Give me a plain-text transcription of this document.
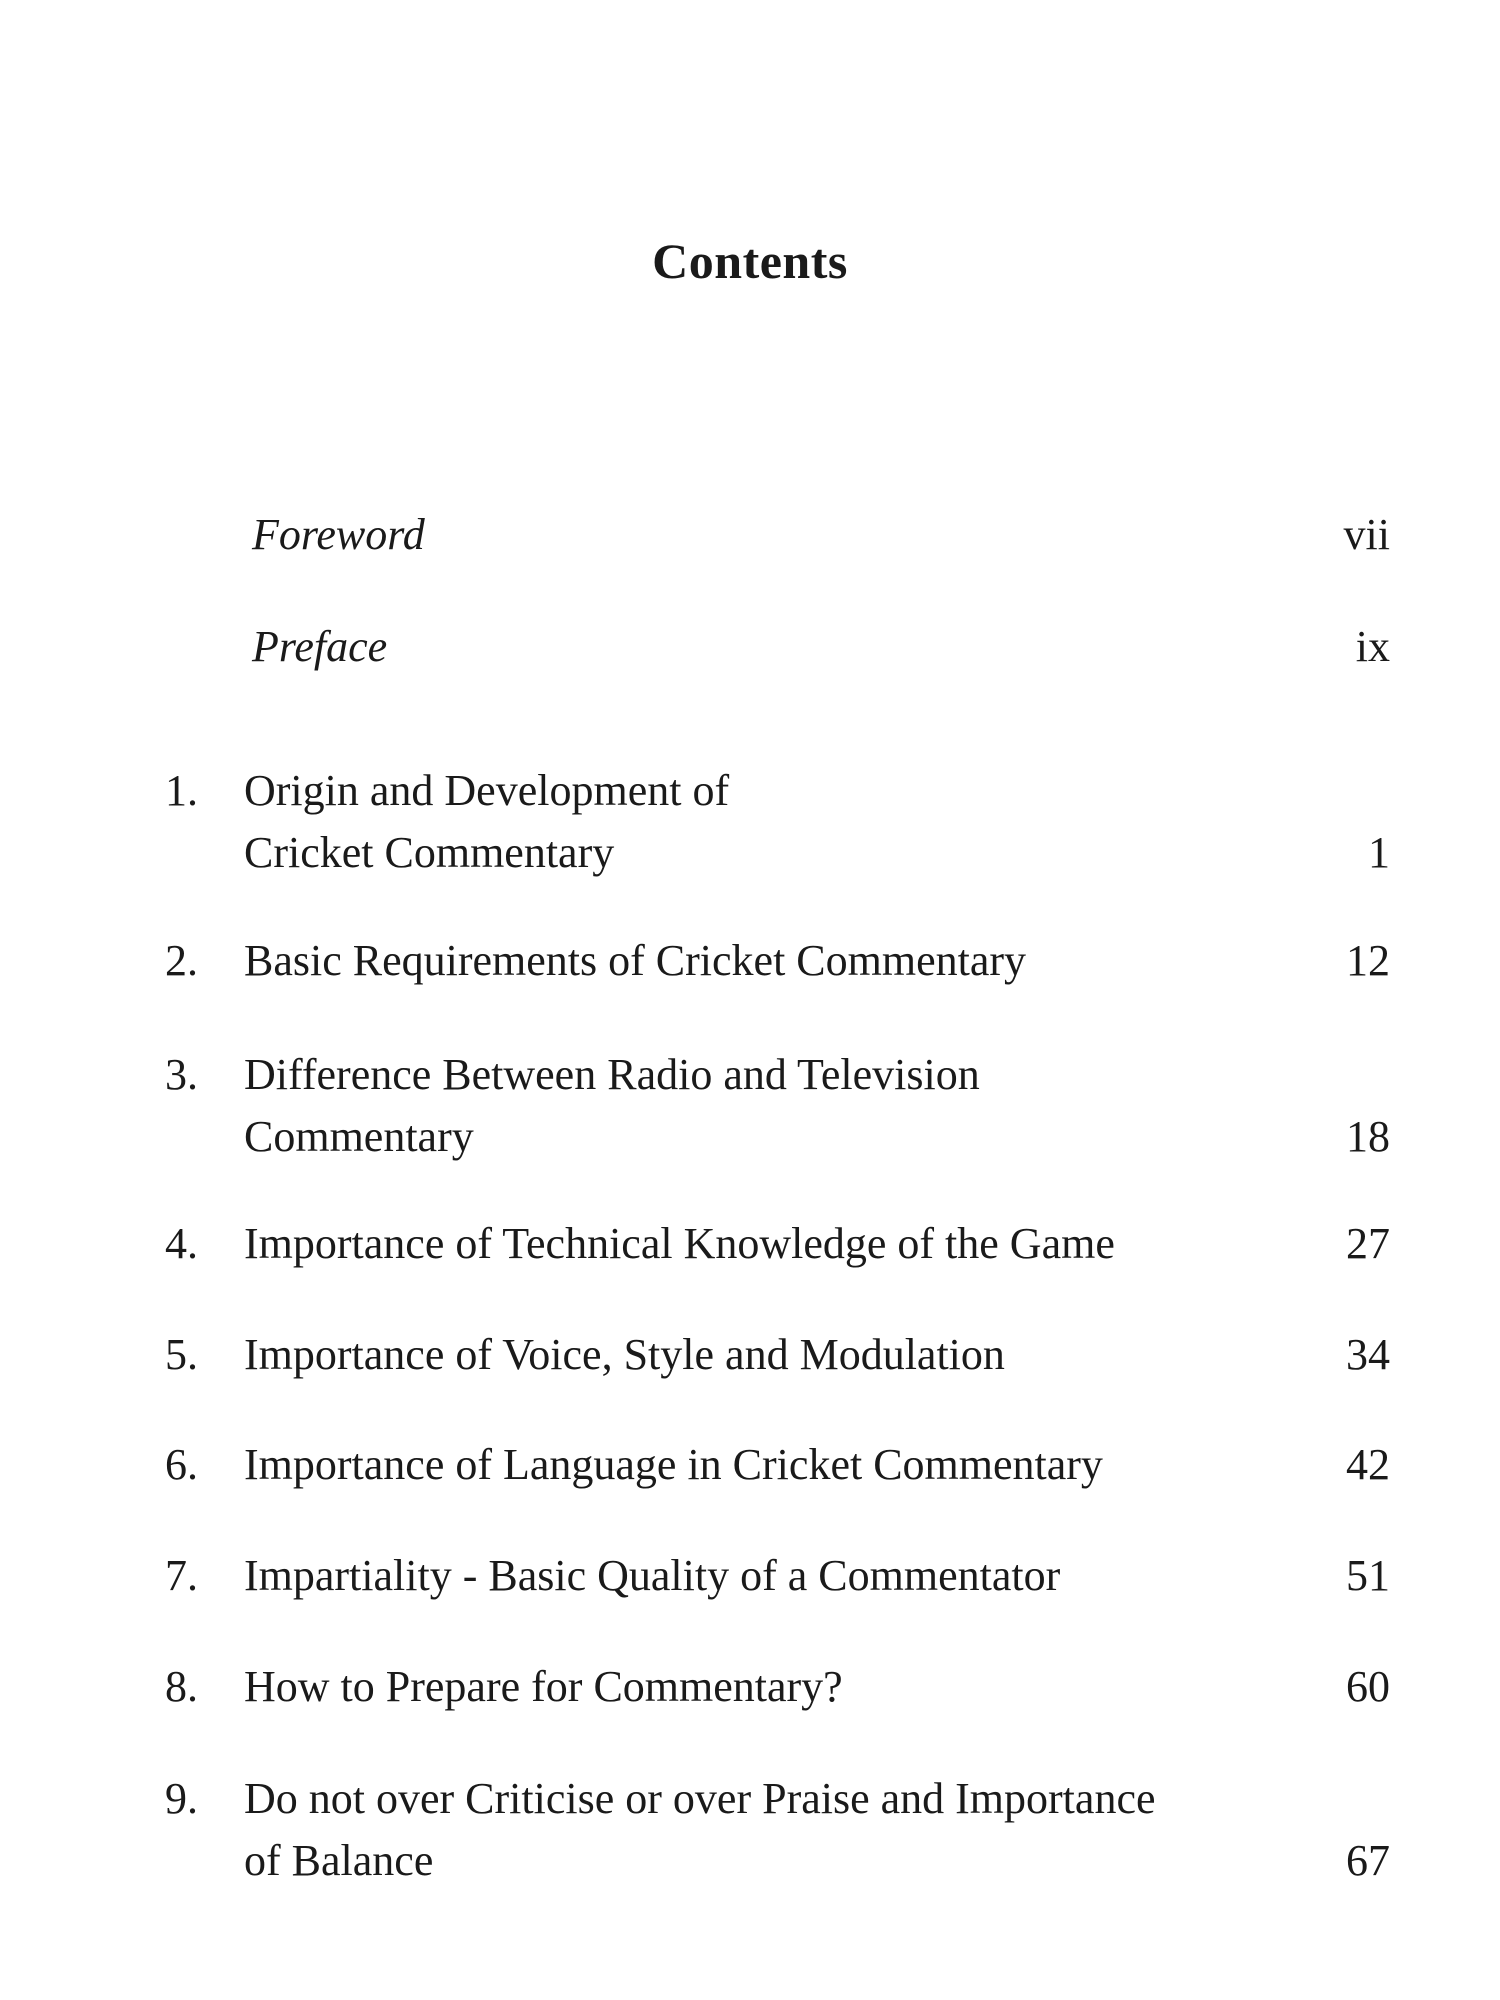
Contents
Foreword	vii
Preface	ix
1.	Origin and Development of
Cricket Commentary	1
2.	Basic Requirements of Cricket Commentary	12
3.	Difference Between Radio and Television
Commentary	18
4.	Importance of Technical Knowledge of the Game	27
5.	Importance of Voice, Style and Modulation	34
6.	Importance of Language in Cricket Commentary	42
7.	Impartiality - Basic Quality of a Commentator	51
8.	How to Prepare for Commentary?	60
9.	Do not over Criticise or over Praise and Importance
of Balance	67
